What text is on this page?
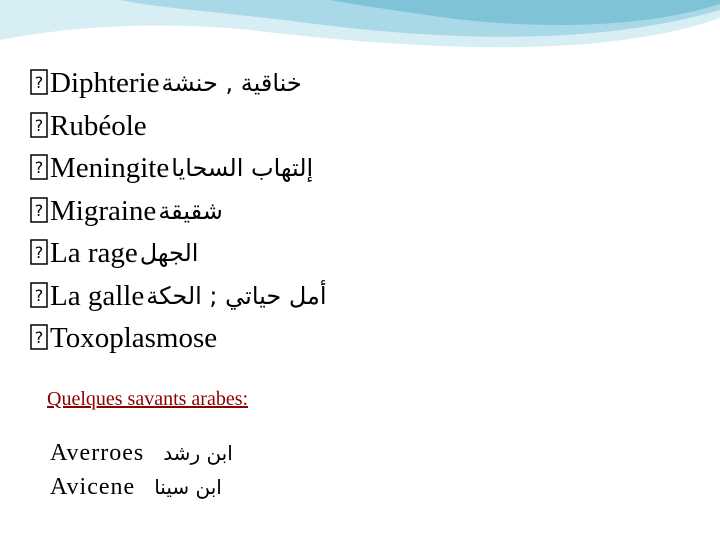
? Diphterie خناقية , حنشة
? Rubéole
? Meningite إلتهاب السحايا
? Migraine شقيقة
? La rage الجهل
? La galle أمل حياتي ; الحكة
? Toxoplasmose
Quelques savants arabes:
Averroes ابن رشد
Avicene ابن سينا
